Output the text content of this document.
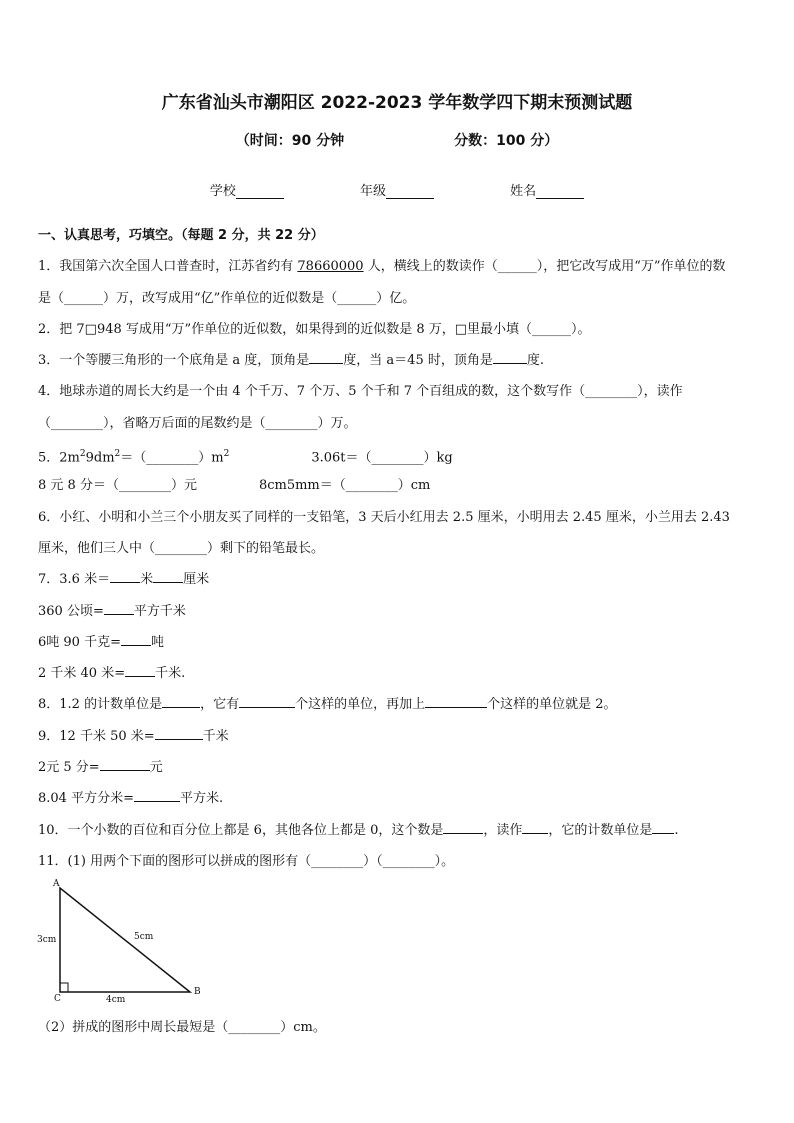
广东省汕头市潮阳区 2022-2023 学年数学四下期末预测试题
（时间：90 分钟	分数：100 分）
学校	年级	姓名
一、认真思考，巧填空。（每题 2 分，共 22 分）
1．我国第六次全国人口普查时，江苏省约有 78660000 人，横线上的数读作（______），把它改写成用“万”作单位的数
是（______）万，改写成用“亿”作单位的近似数是（______）亿。
2．把 7□948 写成用“万”作单位的近似数，如果得到的近似数是 8 万，□里最小填（______）。
3．一个等腰三角形的一个底角是 a 度，顶角是	度，当 a＝45 时，顶角是	度.
4．地球赤道的周长大约是一个由 4 个千万、7 个万、5 个千和 7 个百组成的数，这个数写作（________），读作
（________），省略万后面的尾数约是（________）万。
5．$2m^29dm^2=(\_\_\_\_\_\_\_\_)m^2$	3.06t＝（________）kg
8 元 8 分＝（________）元	8cm5mm＝（________）cm
6．小红、小明和小兰三个小朋友买了同样的一支铅笔，3 天后小红用去 2.5 厘米，小明用去 2.45 厘米，小兰用去 2.43
厘米，他们三人中（________）剩下的铅笔最长。
7．3.6 米＝ 米 厘米
360 公顷= 平方千米
6吨 90 千克= 吨
2 千米 40 米= 千米.
8．1.2 的计数单位是	，它有	个这样的单位，再加上	个这样的单位就是 2。
9．12 千米 50 米=	千米
2元 5 分=	元
8.04 平方分米=	平方米.
10．一个小数的百位和百分位上都是 6，其他各位上都是 0，这个数是	，读作 ，它的计数单位是 .
11．(1) 用两个下面的图形可以拼成的图形有（________）（________）。
A
B
C
3cm	5cm
4cm
（2）拼成的图形中周长最短是（________）cm。
